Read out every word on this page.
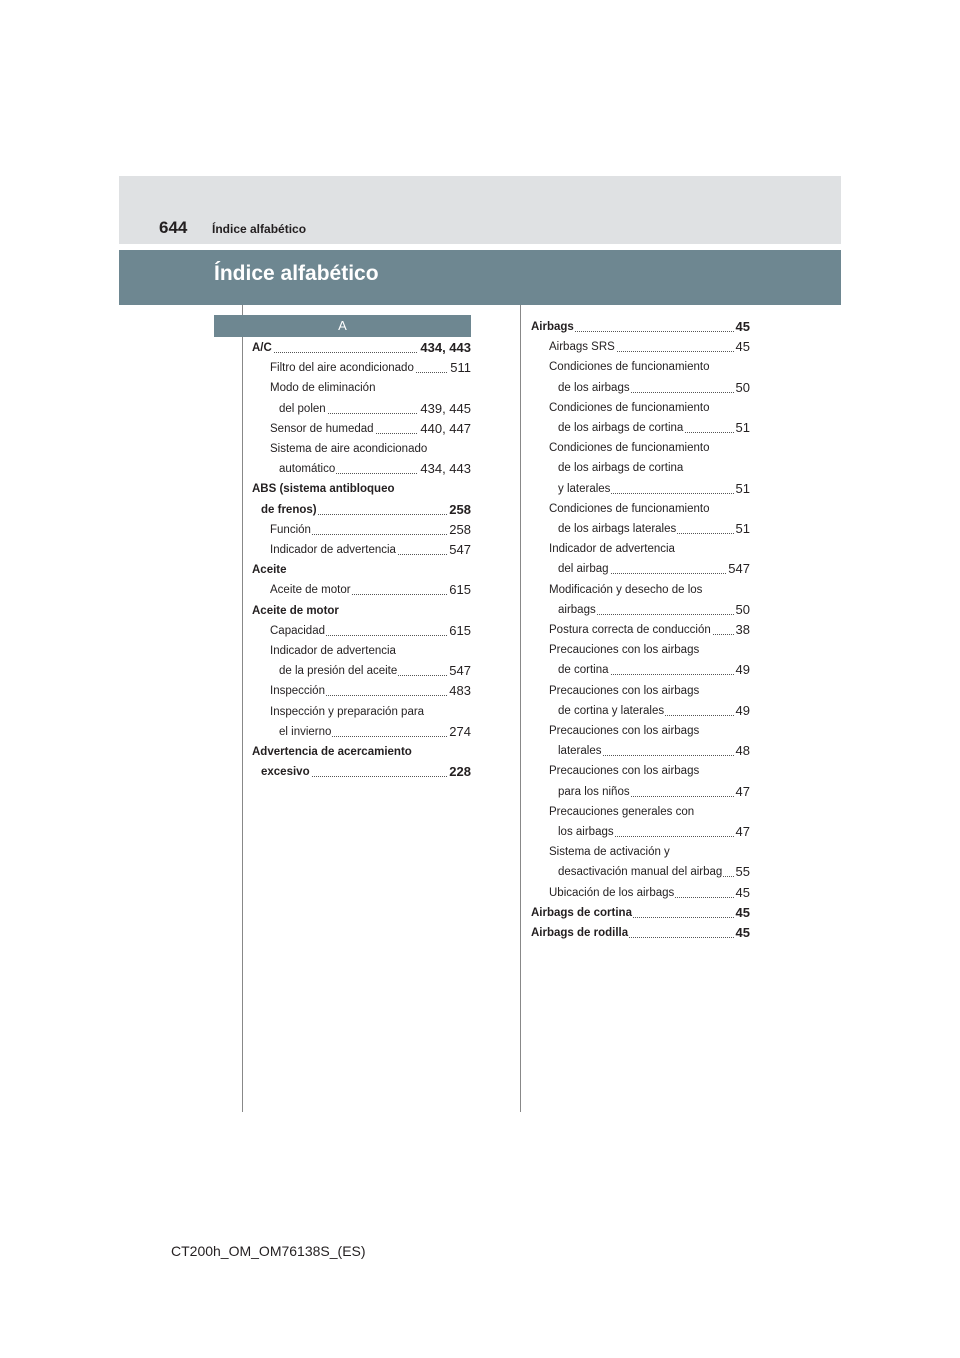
644 Índice alfabético
Índice alfabético
A
A/C	434, 443
Filtro del aire acondicionado	511
Modo de eliminación
del polen	439, 445
Sensor de humedad	440, 447
Sistema de aire acondicionado
automático	434, 443
ABS (sistema antibloqueo
de frenos)	258
Función	258
Indicador de advertencia	547
Aceite
Aceite de motor	615
Aceite de motor
Capacidad	615
Indicador de advertencia
de la presión del aceite	547
Inspección	483
Inspección y preparación para
el invierno	274
Advertencia de acercamiento
excesivo	228
Airbags	45
Airbags SRS	45
Condiciones de funcionamiento
de los airbags	50
Condiciones de funcionamiento
de los airbags de cortina	51
Condiciones de funcionamiento
de los airbags de cortina
y laterales	51
Condiciones de funcionamiento
de los airbags laterales	51
Indicador de advertencia
del airbag	547
Modificación y desecho de los
airbags	50
Postura correcta de conducción 38
Precauciones con los airbags
de cortina	49
Precauciones con los airbags
de cortina y laterales	49
Precauciones con los airbags
laterales	48
Precauciones con los airbags
para los niños	47
Precauciones generales con
los airbags	47
Sistema de activación y
desactivación manual del airbag 55
Ubicación de los airbags	45
Airbags de cortina	45
Airbags de rodilla	45
CT200h_OM_OM76138S_(ES)
